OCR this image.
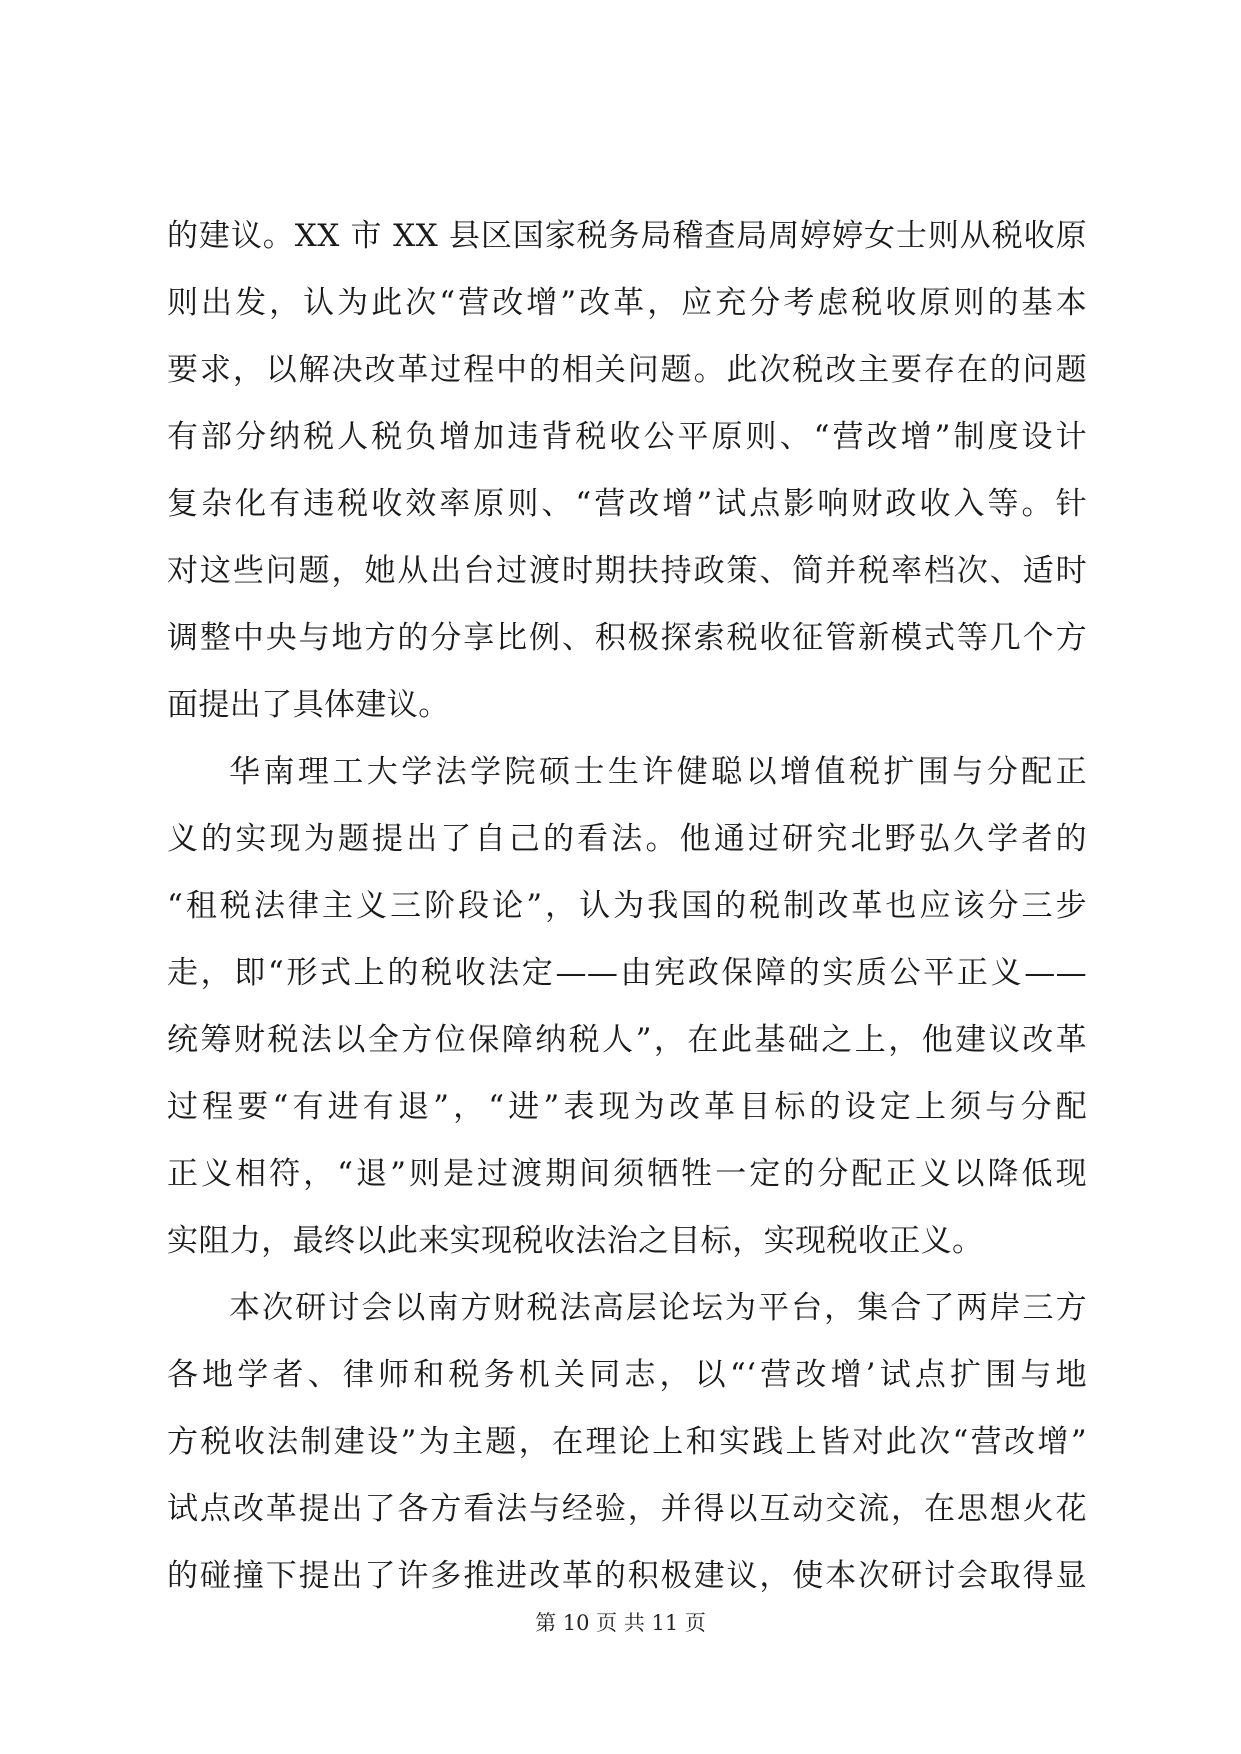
的建议。XX 市 XX 县区国家税务局稽查局周婷婷女士则从税收原
则出发，认为此次“营改增”改革，应充分考虑税收原则的基本
要求，以解决改革过程中的相关问题。此次税改主要存在的问题
有部分纳税人税负增加违背税收公平原则、“营改增”制度设计
复杂化有违税收效率原则、“营改增”试点影响财政收入等。针
对这些问题，她从出台过渡时期扶持政策、简并税率档次、适时
调整中央与地方的分享比例、积极探索税收征管新模式等几个方
面提出了具体建议。
华南理工大学法学院硕士生许健聪以增值税扩围与分配正
义的实现为题提出了自己的看法。他通过研究北野弘久学者的
“租税法律主义三阶段论”，认为我国的税制改革也应该分三步
走，即“形式上的税收法定——由宪政保障的实质公平正义——
统筹财税法以全方位保障纳税人”，在此基础之上，他建议改革
过程要“有进有退”，“进”表现为改革目标的设定上须与分配
正义相符，“退”则是过渡期间须牺牲一定的分配正义以降低现
实阻力，最终以此来实现税收法治之目标，实现税收正义。
本次研讨会以南方财税法高层论坛为平台，集合了两岸三方
各地学者、律师和税务机关同志，以“‘营改增’试点扩围与地
方税收法制建设”为主题，在理论上和实践上皆对此次“营改增”
试点改革提出了各方看法与经验，并得以互动交流，在思想火花
的碰撞下提出了许多推进改革的积极建议，使本次研讨会取得显
第 10 页 共 11 页
